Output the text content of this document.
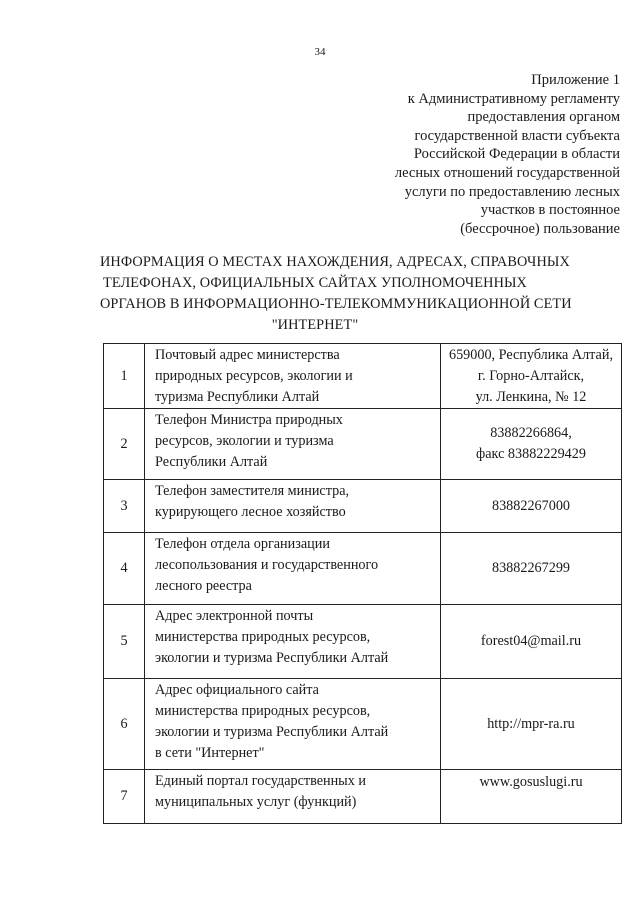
34
Приложение 1
к Административному регламенту
предоставления органом
государственной власти субъекта
Российской Федерации в области
лесных отношений государственной
услуги по предоставлению лесных
участков в постоянное
(бессрочное) пользование
ИНФОРМАЦИЯ О МЕСТАХ НАХОЖДЕНИЯ, АДРЕСАХ, СПРАВОЧНЫХ
ТЕЛЕФОНАХ, ОФИЦИАЛЬНЫХ САЙТАХ УПОЛНОМОЧЕННЫХ
ОРГАНОВ В ИНФОРМАЦИОННО-ТЕЛЕКОММУНИКАЦИОННОЙ СЕТИ
"ИНТЕРНЕТ"
1	Почтовый адрес министерства
природных ресурсов, экологии и
туризма Республики Алтай	659000, Республика Алтай,
г. Горно-Алтайск,
ул. Ленкина, № 12

2	Телефон Министра природных
ресурсов, экологии и туризма
Республики Алтай	83882266864,
факс 83882229429

3	Телефон заместителя министра,
курирующего лесное хозяйство	83882267000

4	Телефон отдела организации
лесопользования и государственного
лесного реестра	83882267299

5	Адрес электронной почты
министерства природных ресурсов,
экологии и туризма Республики Алтай	forest04@mail.ru

6	Адрес официального сайта
министерства природных ресурсов,
экологии и туризма Республики Алтай
в сети "Интернет"	http://mpr-ra.ru

7	Единый портал государственных и
муниципальных услуг (функций)	www.gosuslugi.ru
